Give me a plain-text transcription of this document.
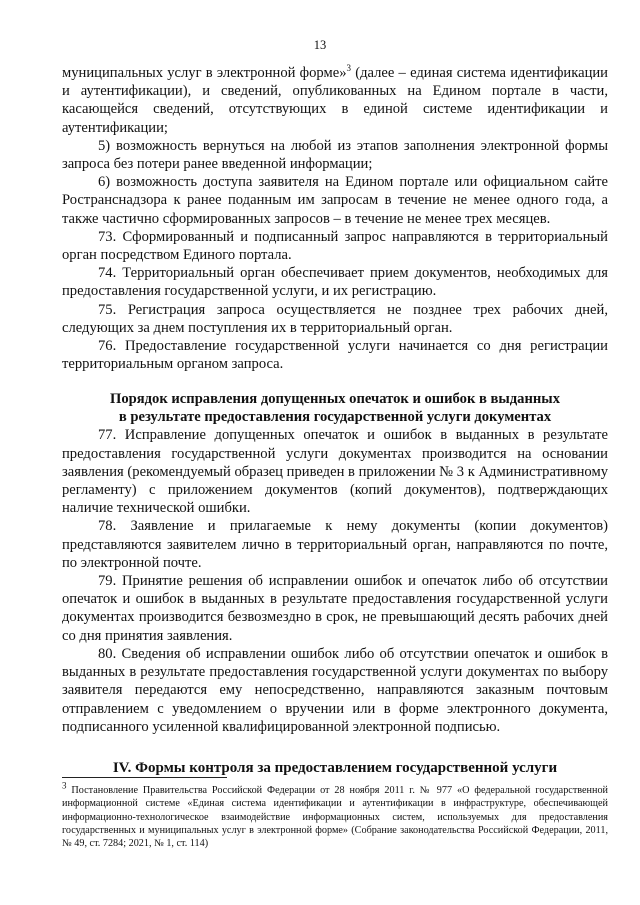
13

муниципальных услуг в электронной форме»$^3$ (далее – единая система идентификации и аутентификации), и сведений, опубликованных на Едином портале в части, касающейся сведений, отсутствующих в единой системе идентификации и аутентификации;

5) возможность вернуться на любой из этапов заполнения электронной формы запроса без потери ранее введенной информации;

6) возможность доступа заявителя на Едином портале или официальном сайте Ространснадзора к ранее поданным им запросам в течение не менее одного года, а также частично сформированных запросов – в течение не менее трех месяцев.

73. Сформированный и подписанный запрос направляются в территориальный орган посредством Единого портала.

74. Территориальный орган обеспечивает прием документов, необходимых для предоставления государственной услуги, и их регистрацию.

75. Регистрация запроса осуществляется не позднее трех рабочих дней, следующих за днем поступления их в территориальный орган.

76. Предоставление государственной услуги начинается со дня регистрации территориальным органом запроса.

Порядок исправления допущенных опечаток и ошибок в выданных
в результате предоставления государственной услуги документах

77. Исправление допущенных опечаток и ошибок в выданных в результате предоставления государственной услуги документах производится на основании заявления (рекомендуемый образец приведен в приложении № 3 к Административному регламенту) с приложением документов (копий документов), подтверждающих наличие технической ошибки.

78. Заявление и прилагаемые к нему документы (копии документов) представляются заявителем лично в территориальный орган, направляются по почте, по электронной почте.

79. Принятие решения об исправлении ошибок и опечаток либо об отсутствии опечаток и ошибок в выданных в результате предоставления государственной услуги документах производится безвозмездно в срок, не превышающий десять рабочих дней со дня принятия заявления.

80. Сведения об исправлении ошибок либо об отсутствии опечаток и ошибок в выданных в результате предоставления государственной услуги документах по выбору заявителя передаются ему непосредственно, направляются заказным почтовым отправлением с уведомлением о вручении или в форме электронного документа, подписанного усиленной квалифицированной электронной подписью.

IV. Формы контроля за предоставлением государственной услуги
$^3$ Постановление Правительства Российской Федерации от 28 ноября 2011 г. № 977 «О федеральной государственной информационной системе «Единая система идентификации и аутентификации в инфраструктуре, обеспечивающей информационно-технологическое взаимодействие информационных систем, используемых для предоставления государственных и муниципальных услуг в электронной форме» (Собрание законодательства Российской Федерации, 2011, № 49, ст. 7284; 2021, № 1, ст. 114)
